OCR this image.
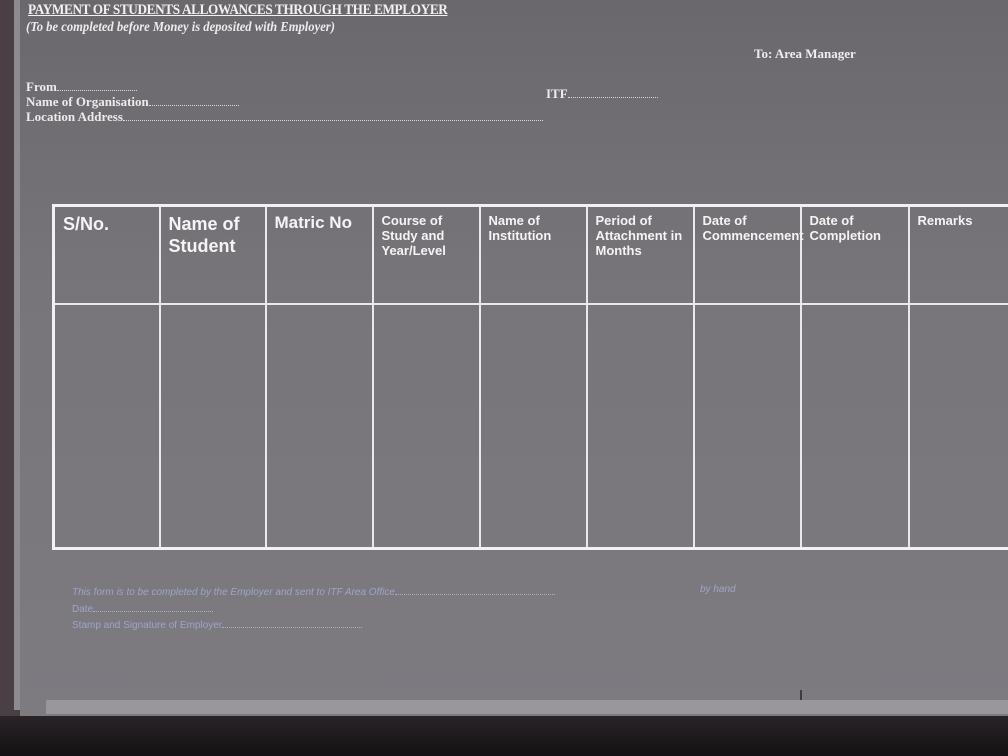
PAYMENT OF STUDENTS ALLOWANCES THROUGH THE EMPLOYER

(To be completed before Money is deposited with Employer)

To: Area Manager
From
Name of Organisation
Location Address
ITF
S/No.	Name of Student	Matric No	Course of Study and Year/Level	Name of Institution	Period of Attachment in Months	Date of Commencement	Date of Completion	Remarks

This form is to be completed by the Employer and sent to ITF Area Office	by hand
Date
Stamp and Signature of Employer
